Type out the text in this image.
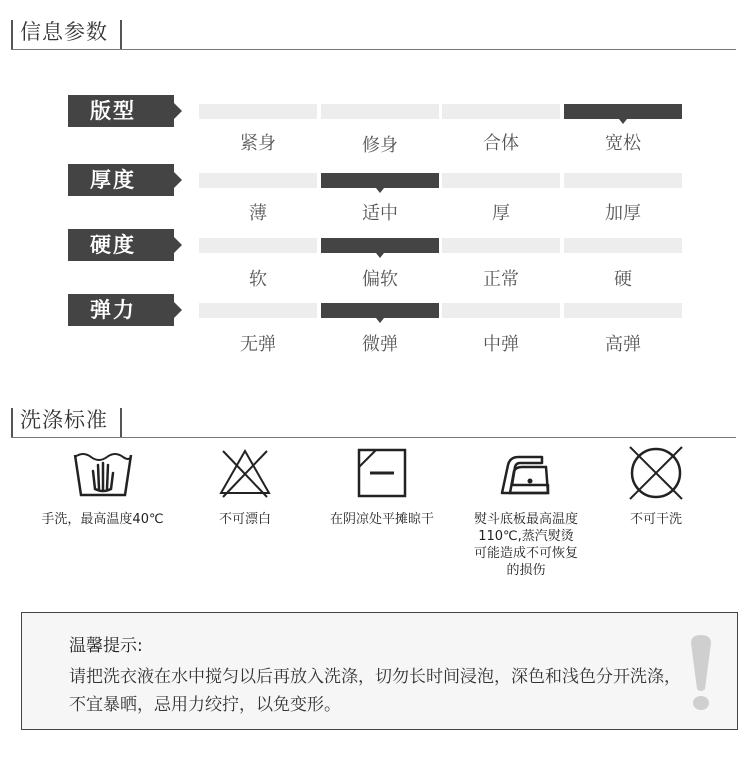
信息参数
版型
紧身	修身	合体	宽松
厚度
薄	适中	厚	加厚
硬度
软	偏软	正常	硬
弹力
无弹	微弹	中弹	高弹
洗涤标准
手洗，最高温度40℃	不可漂白	在阴凉处平摊晾干	熨斗底板最高温度110℃,蒸汽熨烫可能造成不可恢复的损伤
不可干洗
温馨提示:
请把洗衣液在水中搅匀以后再放入洗涤，切勿长时间浸泡，深色和浅色分开洗涤，不宜暴晒，忌用力绞拧，以免变形。
